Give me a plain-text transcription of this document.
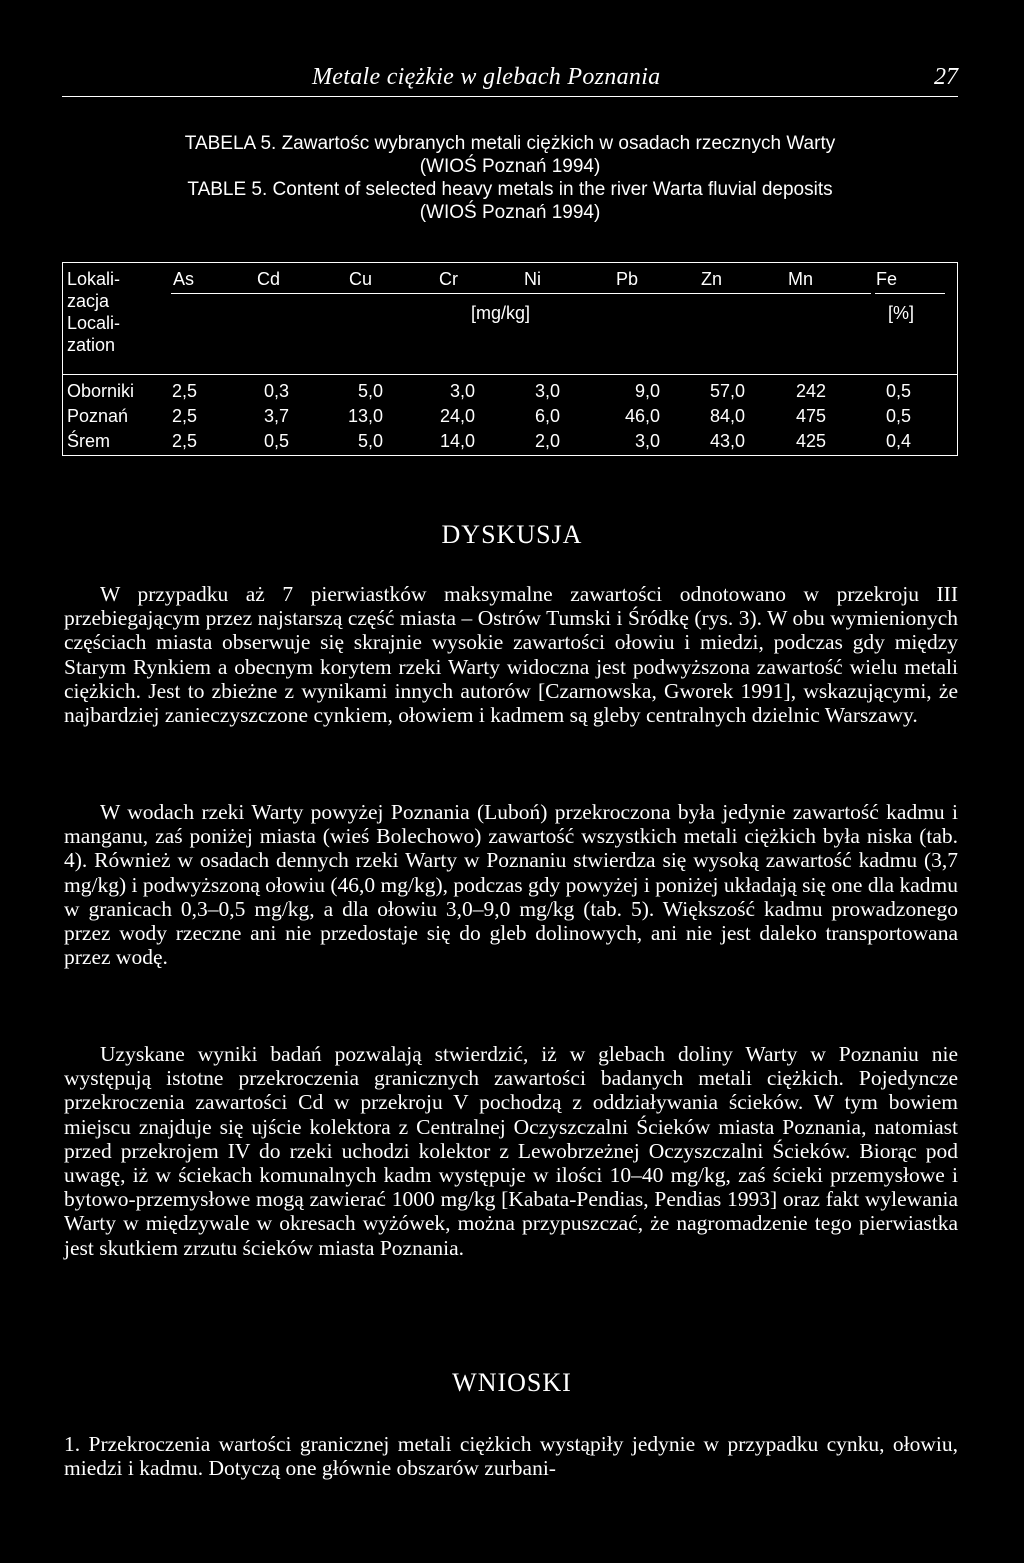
Metale ciężkie w glebach Poznania	27
TABELA 5. Zawartośc wybranych metali ciężkich w osadach rzecznych Warty
(WIOŚ Poznań 1994)
TABLE 5. Content of selected heavy metals in the river Warta fluvial deposits
(WIOŚ Poznań 1994)
Lokali-
zacja
Locali-
zation
As	Cd	Cu	Cr	Ni	Pb	Zn	Mn	Fe
[mg/kg]	[%]
Oborniki 2,5	0,3	5,0	3,0	3,0	9,0	57,0	242	0,5
Poznań 2,5	3,7	13,0	24,0	6,0	46,0	84,0	475	0,5
Śrem	2,5	0,5	5,0	14,0	2,0	3,0	43,0	425	0,4
DYSKUSJA
W przypadku aż 7 pierwiastków maksymalne zawartości odnotowano w przekroju III przebiegającym przez najstarszą część miasta – Ostrów Tumski i Śródkę (rys. 3). W obu wymienionych częściach miasta obserwuje się skrajnie wysokie zawartości ołowiu i miedzi, podczas gdy między Starym Rynkiem a obecnym korytem rzeki Warty widoczna jest podwyższona zawartość wielu metali ciężkich. Jest to zbieżne z wynikami innych autorów [Czarnowska, Gworek 1991], wskazującymi, że najbardziej zanieczyszczone cynkiem, ołowiem i kadmem są gleby centralnych dzielnic Warszawy.
W wodach rzeki Warty powyżej Poznania (Luboń) przekroczona była jedynie zawartość kadmu i manganu, zaś poniżej miasta (wieś Bolechowo) zawartość wszystkich metali ciężkich była niska (tab. 4). Również w osadach dennych rzeki Warty w Poznaniu stwierdza się wysoką zawartość kadmu (3,7 mg/kg) i podwyższoną ołowiu (46,0 mg/kg), podczas gdy powyżej i poniżej układają się one dla kadmu w granicach 0,3–0,5 mg/kg, a dla ołowiu 3,0–9,0 mg/kg (tab. 5). Większość kadmu prowadzonego przez wody rzeczne ani nie przedostaje się do gleb dolinowych, ani nie jest daleko transportowana przez wodę.
Uzyskane wyniki badań pozwalają stwierdzić, iż w glebach doliny Warty w Poznaniu nie występują istotne przekroczenia granicznych zawartości badanych metali ciężkich. Pojedyncze przekroczenia zawartości Cd w przekroju V pochodzą z oddziaływania ścieków. W tym bowiem miejscu znajduje się ujście kolektora z Centralnej Oczyszczalni Ścieków miasta Poznania, natomiast przed przekrojem IV do rzeki uchodzi kolektor z Lewobrzeżnej Oczyszczalni Ścieków. Biorąc pod uwagę, iż w ściekach komunalnych kadm występuje w ilości 10–40 mg/kg, zaś ścieki przemysłowe i bytowo-przemysłowe mogą zawierać 1000 mg/kg [Kabata-Pendias, Pendias 1993] oraz fakt wylewania Warty w międzywale w okresach wyżówek, można przypuszczać, że nagromadzenie tego pierwiastka jest skutkiem zrzutu ścieków miasta Poznania.
WNIOSKI
1. Przekroczenia wartości granicznej metali ciężkich wystąpiły jedynie w przypadku cynku, ołowiu, miedzi i kadmu. Dotyczą one głównie obszarów zurbani-
